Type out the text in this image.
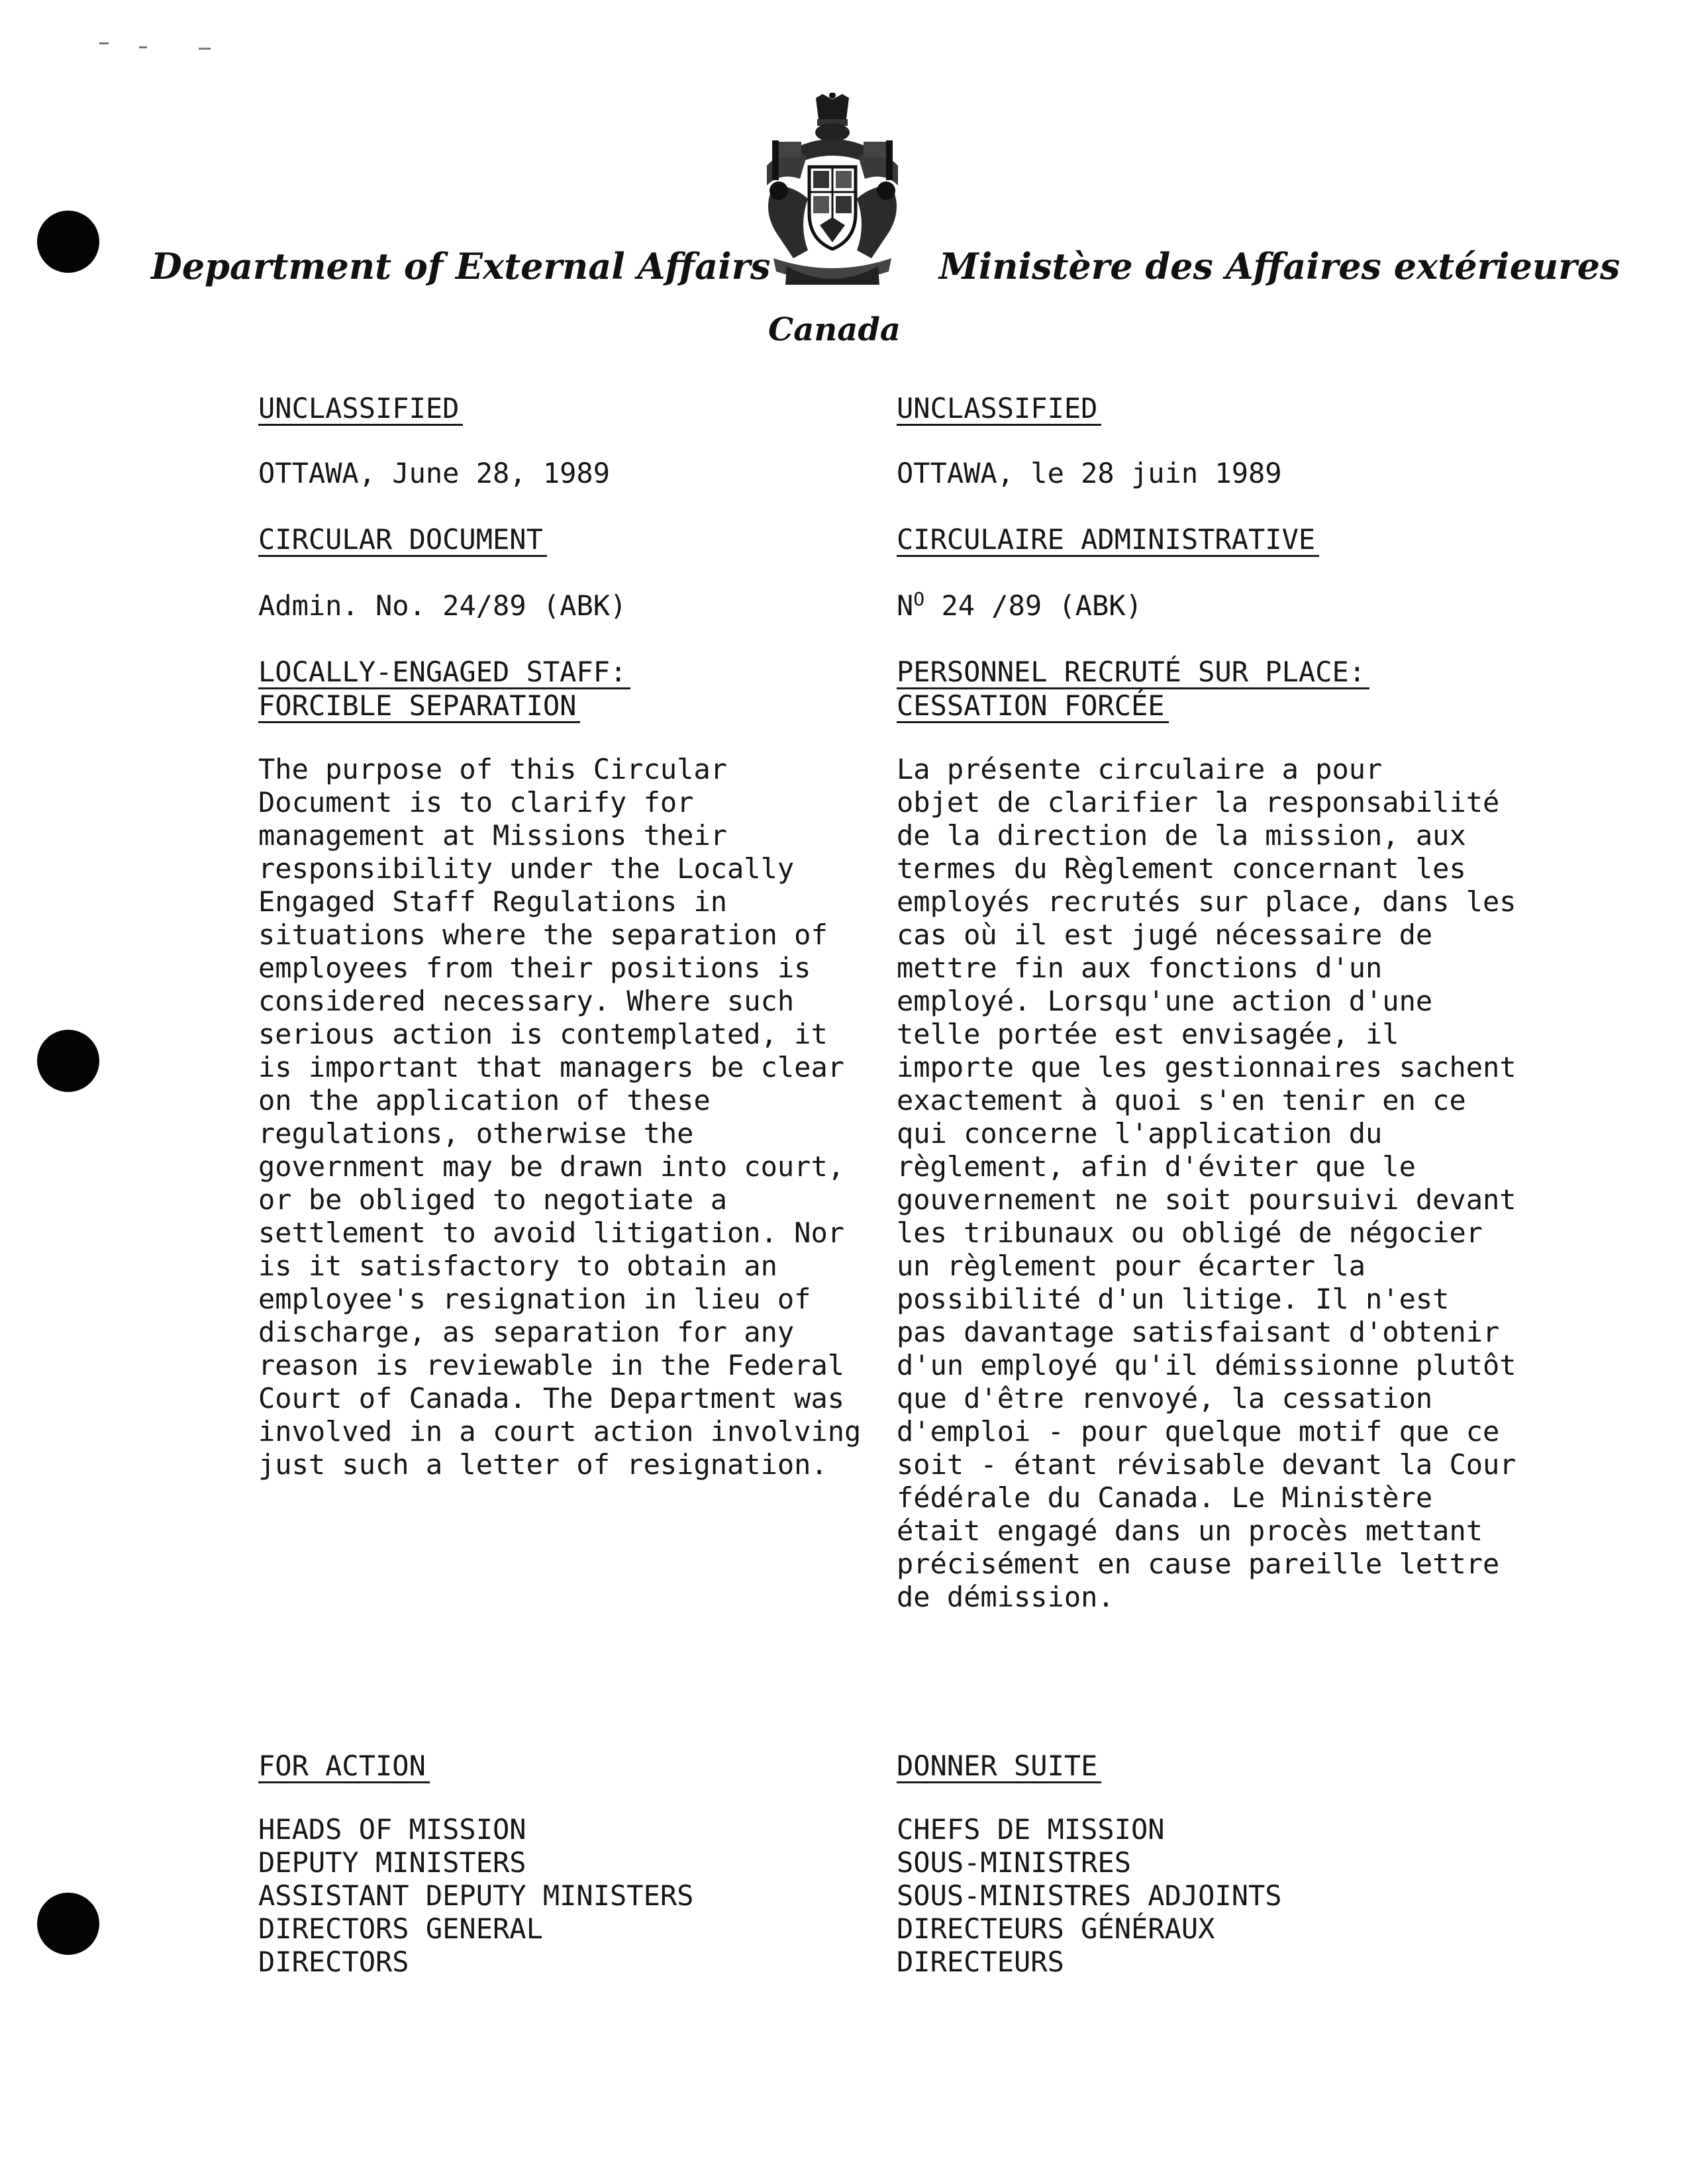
Department of External Affairs
Canada
Ministère des Affaires extérieures
UNCLASSIFIED
OTTAWA, June 28, 1989
CIRCULAR DOCUMENT
Admin. No. 24/89 (ABK)
LOCALLY-ENGAGED STAFF:
FORCIBLE SEPARATION
The purpose of this Circular
Document is to clarify for
management at Missions their
responsibility under the Locally
Engaged Staff Regulations in
situations where the separation of
employees from their positions is
considered necessary. Where such
serious action is contemplated, it
is important that managers be clear
on the application of these
regulations, otherwise the
government may be drawn into court,
or be obliged to negotiate a
settlement to avoid litigation. Nor
is it satisfactory to obtain an
employee's resignation in lieu of
discharge, as separation for any
reason is reviewable in the Federal
Court of Canada. The Department was
involved in a court action involving
just such a letter of resignation.
FOR ACTION
HEADS OF MISSION
DEPUTY MINISTERS
ASSISTANT DEPUTY MINISTERS
DIRECTORS GENERAL
DIRECTORS
UNCLASSIFIED
OTTAWA, le 28 juin 1989
CIRCULAIRE ADMINISTRATIVE
$N^O$ 24 /89 (ABK)
PERSONNEL RECRUTÉ SUR PLACE:
CESSATION FORCÉE
La présente circulaire a pour
objet de clarifier la responsabilité
de la direction de la mission, aux
termes du Règlement concernant les
employés recrutés sur place, dans les
cas où il est jugé nécessaire de
mettre fin aux fonctions d'un
employé. Lorsqu'une action d'une
telle portée est envisagée, il
importe que les gestionnaires sachent
exactement à quoi s'en tenir en ce
qui concerne l'application du
règlement, afin d'éviter que le
gouvernement ne soit poursuivi devant
les tribunaux ou obligé de négocier
un règlement pour écarter la
possibilité d'un litige. Il n'est
pas davantage satisfaisant d'obtenir
d'un employé qu'il démissionne plutôt
que d'être renvoyé, la cessation
d'emploi - pour quelque motif que ce
soit - étant révisable devant la Cour
fédérale du Canada. Le Ministère
était engagé dans un procès mettant
précisément en cause pareille lettre
de démission.
DONNER SUITE
CHEFS DE MISSION
SOUS-MINISTRES
SOUS-MINISTRES ADJOINTS
DIRECTEURS GÉNÉRAUX
DIRECTEURS
